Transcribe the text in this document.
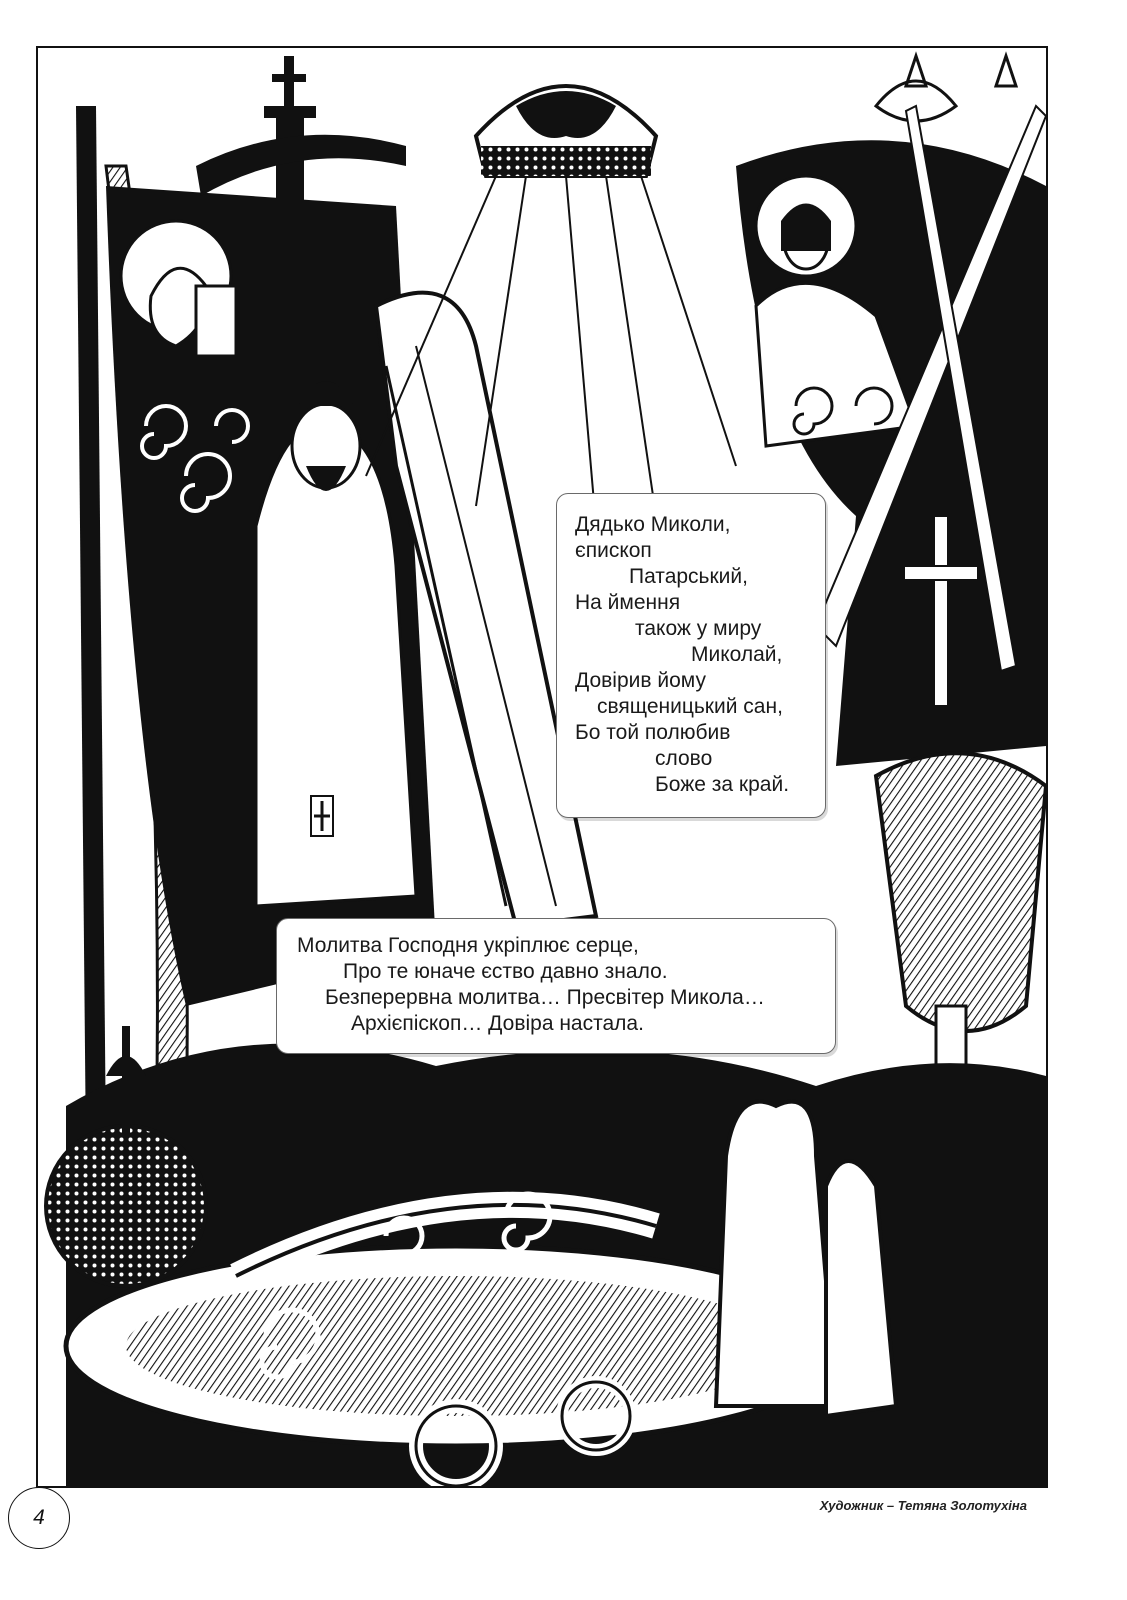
Дядько Миколи,
єпископ
Патарський,
На ймення
також у миру
Миколай,
Довірив йому
священицький сан,
Бо той полюбив
слово
Боже за край.
Молитва Господня укріплює серце,
Про те юначе єство давно знало.
Безперервна молитва… Пресвітер Микола…
Архієпіскоп… Довіра настала.
4
Художник – Тетяна Золотухіна
